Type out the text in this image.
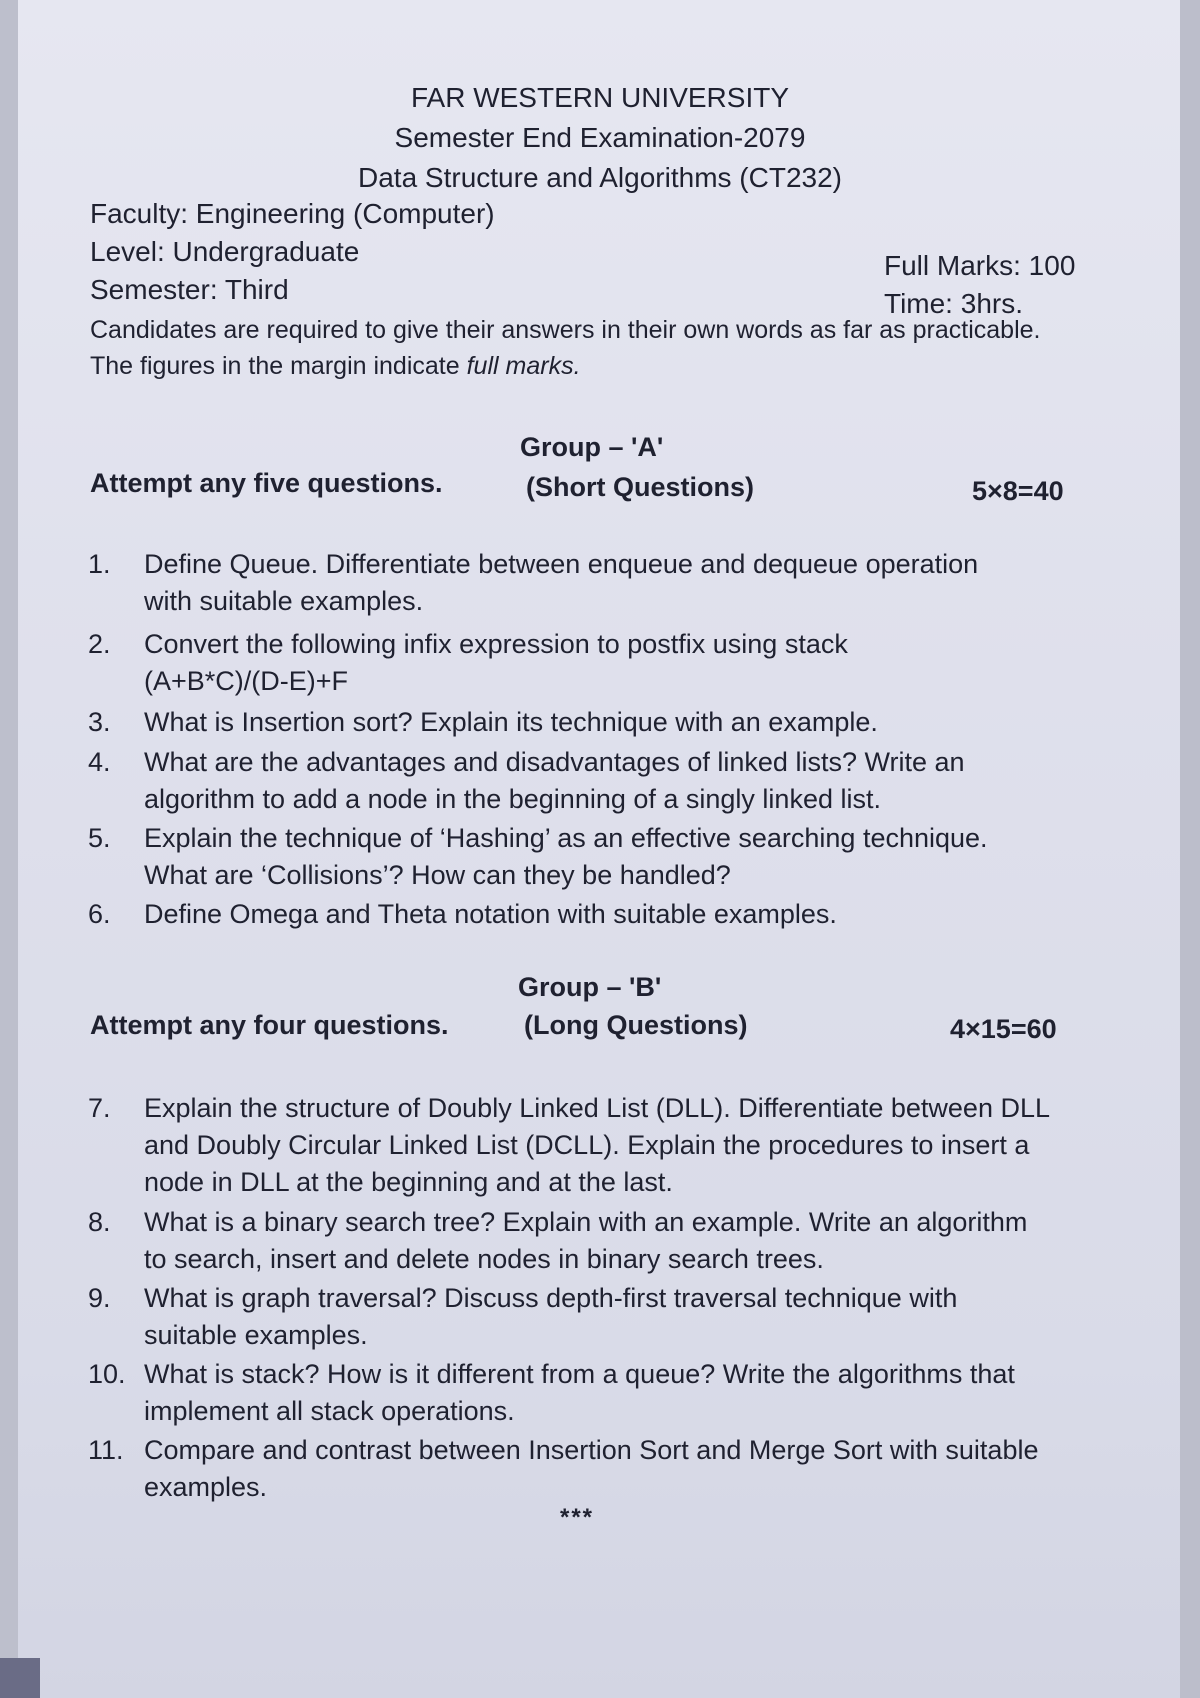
FAR WESTERN UNIVERSITY
Semester End Examination-2079
Data Structure and Algorithms (CT232)
Faculty: Engineering (Computer)
Level: Undergraduate
Semester: Third
Full Marks: 100
Time: 3hrs.
Candidates are required to give their answers in their own words as far as practicable.
The figures in the margin indicate full marks.
Group – 'A'
Attempt any five questions.	(Short Questions)	5×8=40
1.	Define Queue. Differentiate between enqueue and dequeue operation
with suitable examples.
2.	Convert the following infix expression to postfix using stack
(A+B*C)/(D-E)+F
3.	What is Insertion sort? Explain its technique with an example.
4.	What are the advantages and disadvantages of linked lists? Write an
algorithm to add a node in the beginning of a singly linked list.
5.	Explain the technique of ‘Hashing’ as an effective searching technique.
What are ‘Collisions’? How can they be handled?
6.	Define Omega and Theta notation with suitable examples.
Group – 'B'
Attempt any four questions.	(Long Questions)	4×15=60
7.	Explain the structure of Doubly Linked List (DLL). Differentiate between DLL
and Doubly Circular Linked List (DCLL). Explain the procedures to insert a
node in DLL at the beginning and at the last.
8.	What is a binary search tree? Explain with an example. Write an algorithm
to search, insert and delete nodes in binary search trees.
9.	What is graph traversal? Discuss depth-first traversal technique with
suitable examples.
10. What is stack? How is it different from a queue? Write the algorithms that
implement all stack operations.
11. Compare and contrast between Insertion Sort and Merge Sort with suitable
examples.
***
